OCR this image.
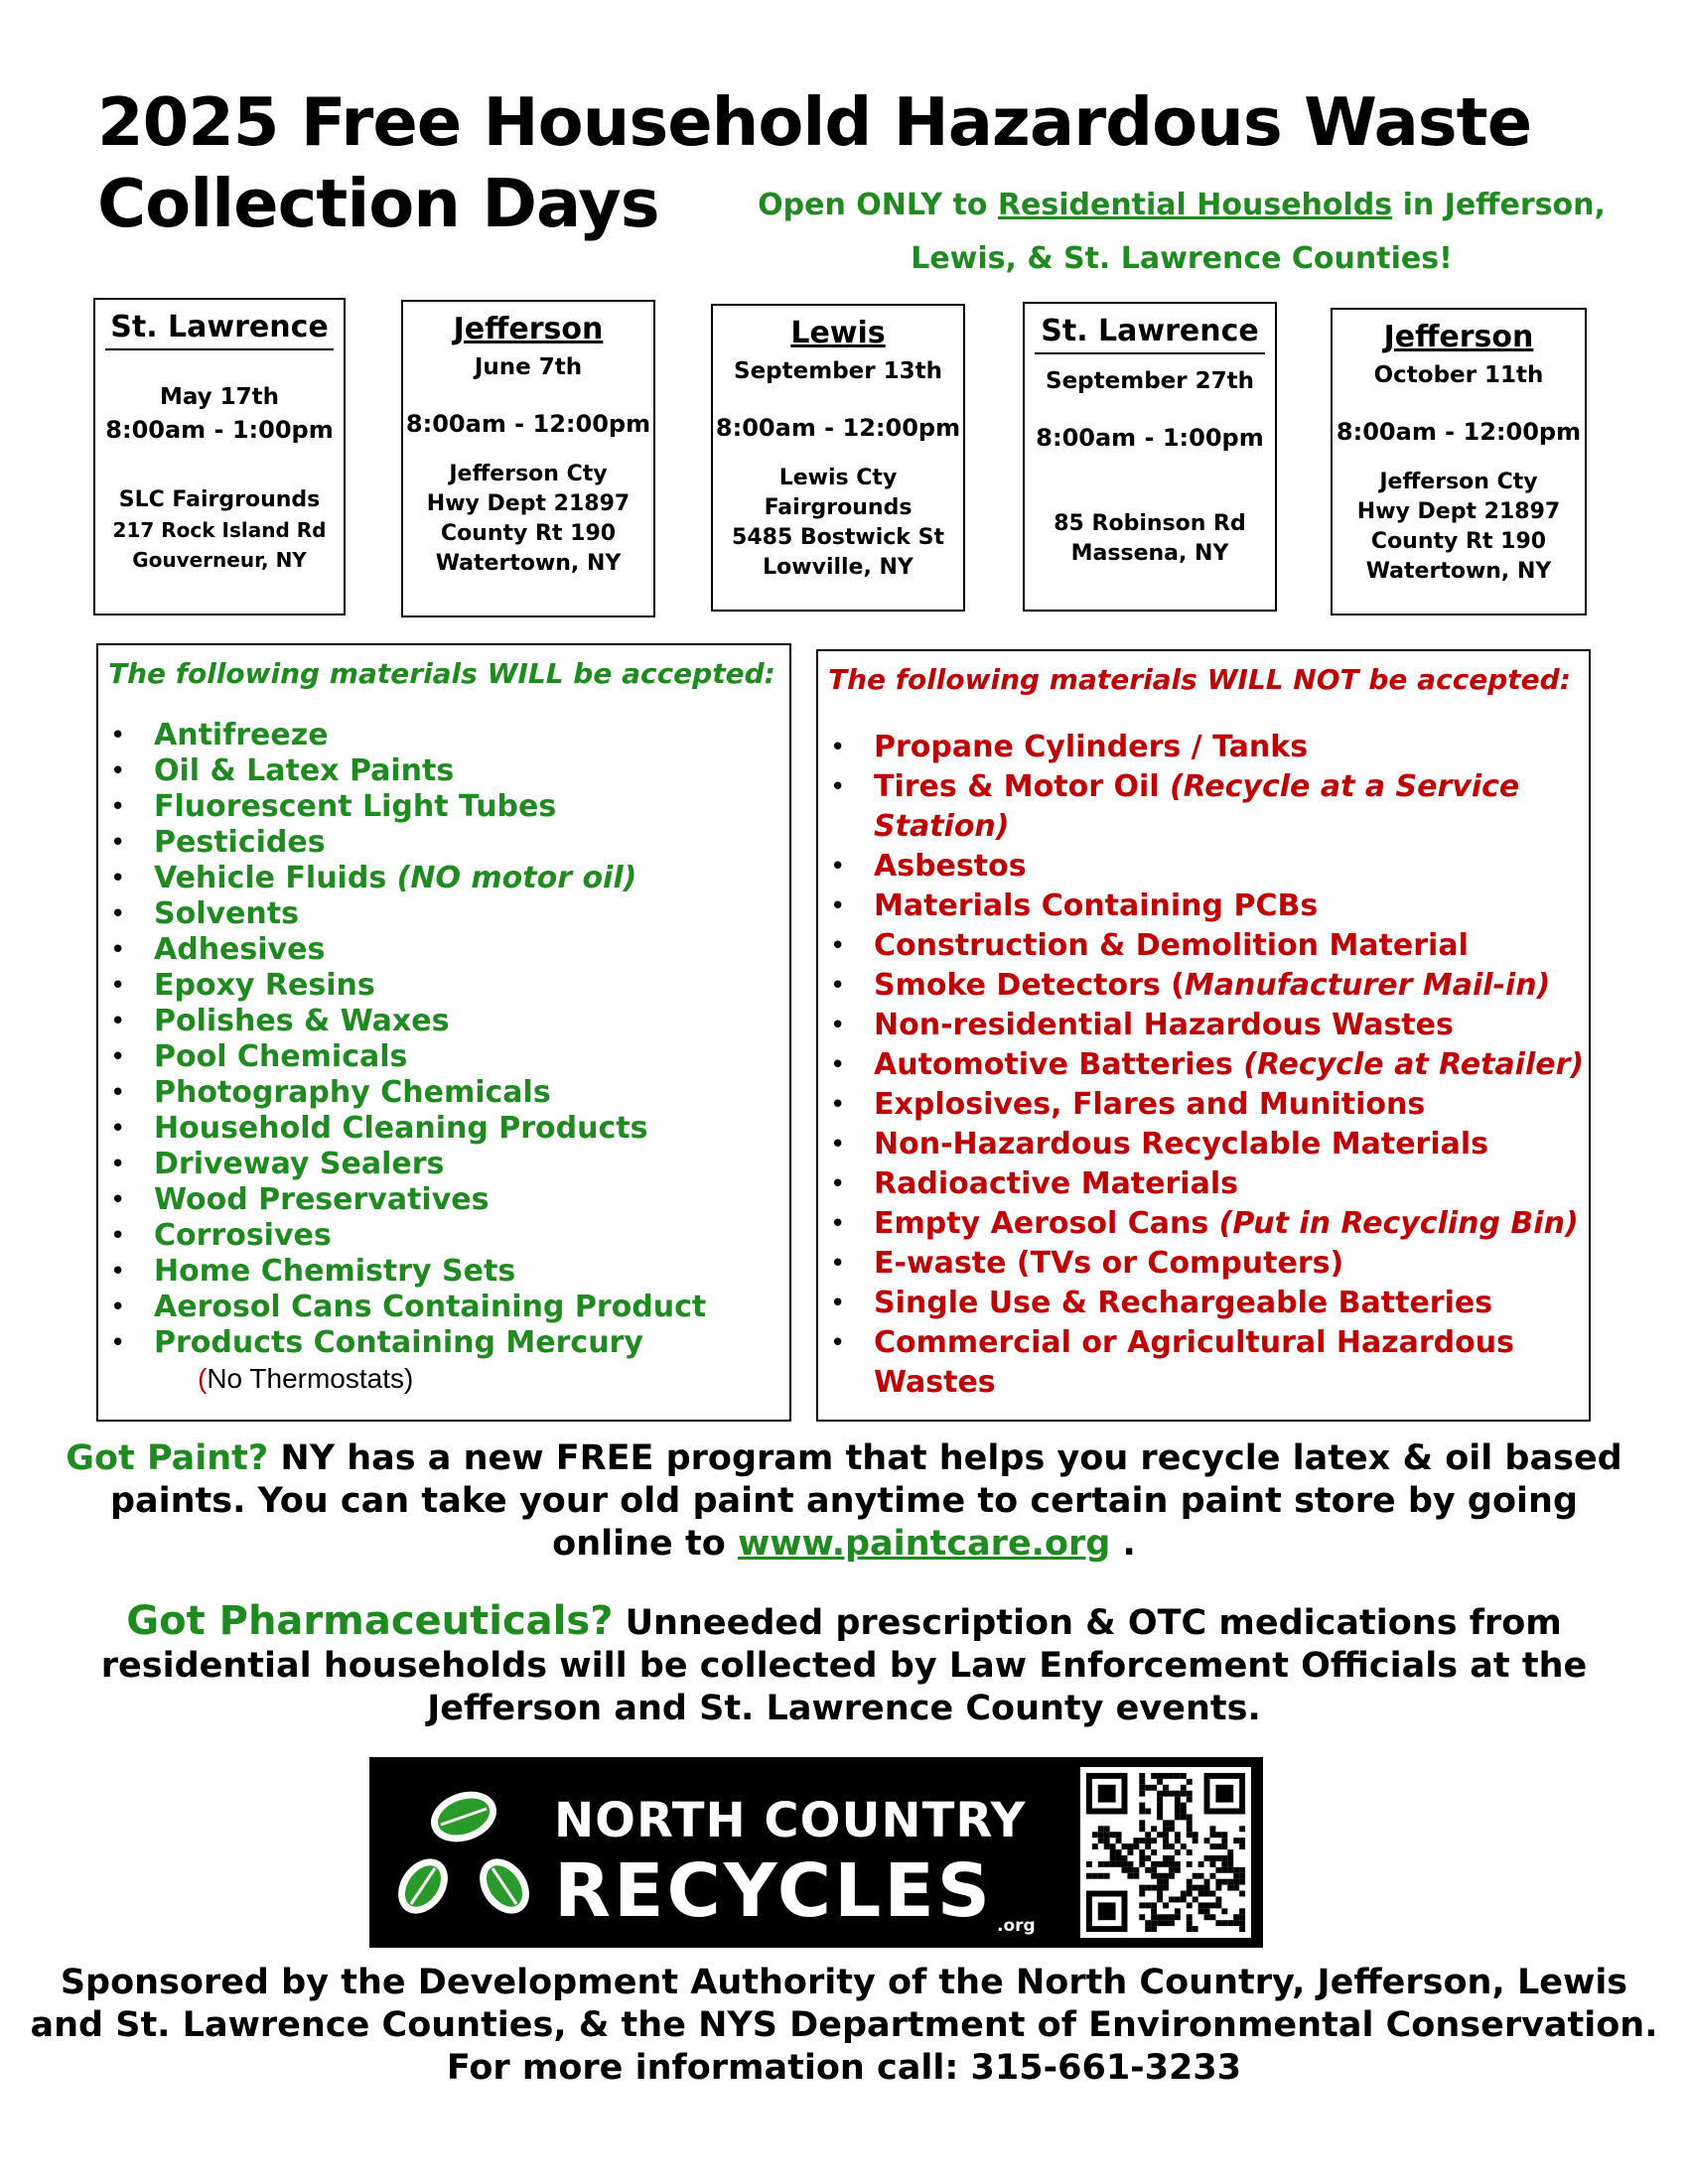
2025 Free Household Hazardous Waste
Collection Days	Open ONLY to Residential Households in Jefferson,
Lewis, & St. Lawrence Counties!
St. Lawrence
May 17th
8:00am - 1:00pm
SLC Fairgrounds
217 Rock Island Rd
Gouverneur, NY
Jefferson
June 7th
8:00am - 12:00pm
Jefferson Cty
Hwy Dept 21897
County Rt 190
Watertown, NY
Lewis
September 13th
8:00am - 12:00pm
Lewis Cty
Fairgrounds
5485 Bostwick St
Lowville, NY
St. Lawrence
September 27th
8:00am - 1:00pm
85 Robinson Rd
Massena, NY
Jefferson
October 11th
8:00am - 12:00pm
Jefferson Cty
Hwy Dept 21897
County Rt 190
Watertown, NY
The following materials WILL be accepted:
• Antifreeze
• Oil & Latex Paints
• Fluorescent Light Tubes
• Pesticides
• Vehicle Fluids (NO motor oil)
• Solvents
• Adhesives
• Epoxy Resins
• Polishes & Waxes
• Pool Chemicals
• Photography Chemicals
• Household Cleaning Products
• Driveway Sealers
• Wood Preservatives
• Corrosives
• Home Chemistry Sets
• Aerosol Cans Containing Product
• Products Containing Mercury
(No Thermostats)
The following materials WILL NOT be accepted:
• Propane Cylinders / Tanks
• Tires & Motor Oil (Recycle at a Service Station)
• Asbestos
• Materials Containing PCBs
• Construction & Demolition Material
• Smoke Detectors (Manufacturer Mail-in)
• Non-residential Hazardous Wastes
• Automotive Batteries (Recycle at Retailer)
• Explosives, Flares and Munitions
• Non-Hazardous Recyclable Materials
• Radioactive Materials
• Empty Aerosol Cans (Put in Recycling Bin)
• E-waste (TVs or Computers)
• Single Use & Rechargeable Batteries
• Commercial or Agricultural Hazardous Wastes
Got Paint? NY has a new FREE program that helps you recycle latex & oil based
paints. You can take your old paint anytime to certain paint store by going
online to www.paintcare.org .
Got Pharmaceuticals? Unneeded prescription & OTC medications from
residential households will be collected by Law Enforcement Officials at the
Jefferson and St. Lawrence County events.
NORTH COUNTRY
RECYCLES .org
Sponsored by the Development Authority of the North Country, Jefferson, Lewis
and St. Lawrence Counties, & the NYS Department of Environmental Conservation.
For more information call: 315-661-3233
